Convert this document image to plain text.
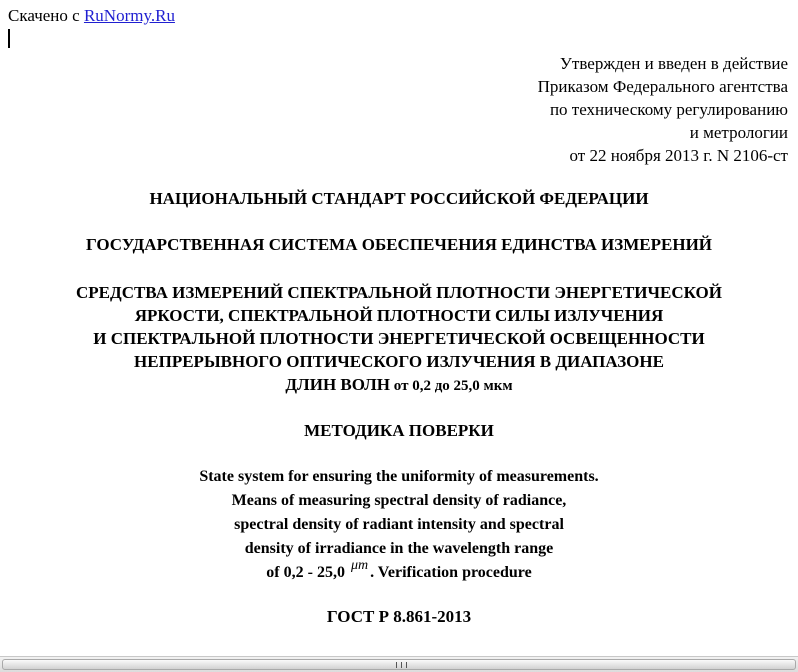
Скачено с RuNormy.Ru
Утвержден и введен в действие
Приказом Федерального агентства
по техническому регулированию
и метрологии
от 22 ноября 2013 г. N 2106-ст
НАЦИОНАЛЬНЫЙ СТАНДАРТ РОССИЙСКОЙ ФЕДЕРАЦИИ
ГОСУДАРСТВЕННАЯ СИСТЕМА ОБЕСПЕЧЕНИЯ ЕДИНСТВА ИЗМЕРЕНИЙ
СРЕДСТВА ИЗМЕРЕНИЙ СПЕКТРАЛЬНОЙ ПЛОТНОСТИ ЭНЕРГЕТИЧЕСКОЙ
ЯРКОСТИ, СПЕКТРАЛЬНОЙ ПЛОТНОСТИ СИЛЫ ИЗЛУЧЕНИЯ
И СПЕКТРАЛЬНОЙ ПЛОТНОСТИ ЭНЕРГЕТИЧЕСКОЙ ОСВЕЩЕННОСТИ
НЕПРЕРЫВНОГО ОПТИЧЕСКОГО ИЗЛУЧЕНИЯ В ДИАПАЗОНЕ
ДЛИН ВОЛН от 0,2 до 25,0 мкм
МЕТОДИКА ПОВЕРКИ
State system for ensuring the uniformity of measurements.
Means of measuring spectral density of radiance,
spectral density of radiant intensity and spectral
density of irradiance in the wavelength range
of 0,2 - 25,0 μm . Verification procedure
ГОСТ Р 8.861-2013
